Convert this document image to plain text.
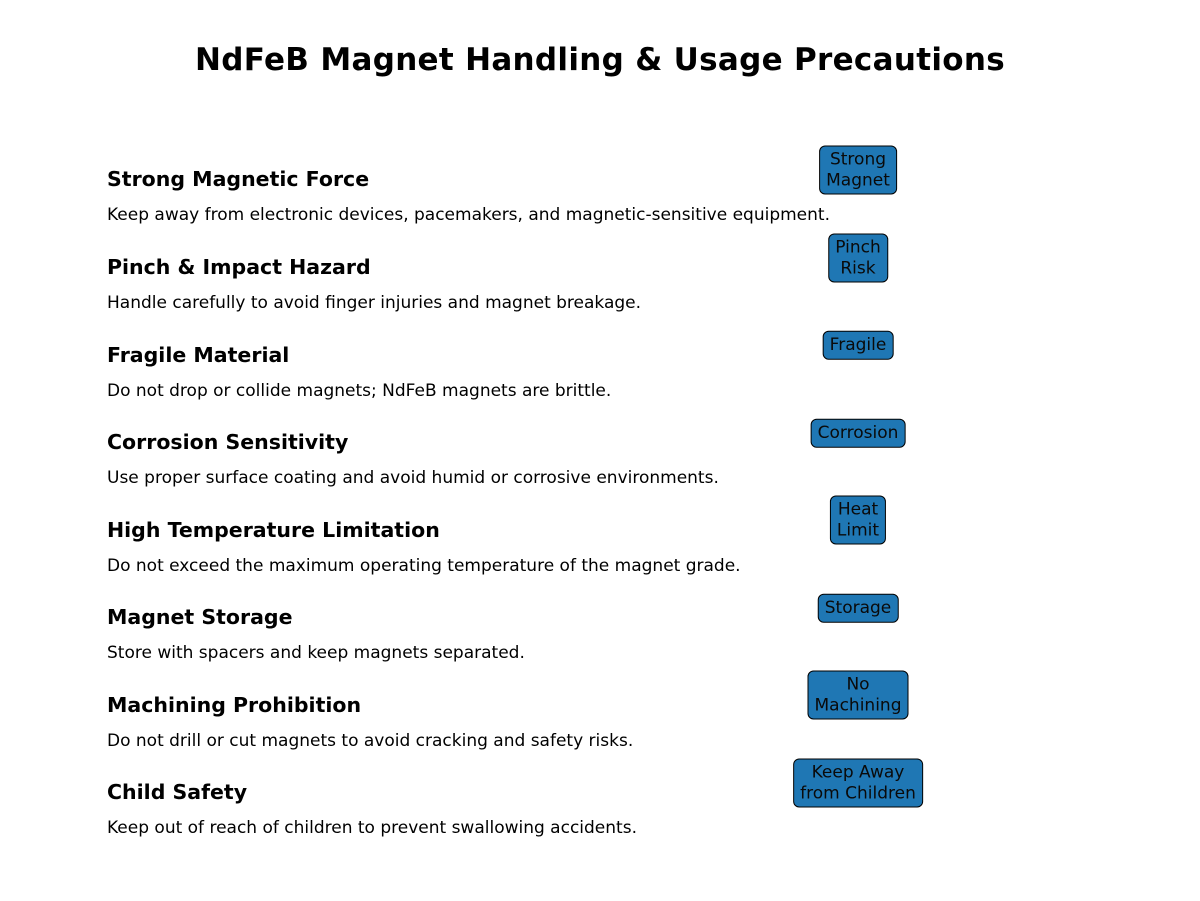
NdFeB Magnet Handling & Usage Precautions
Strong Magnetic Force
Keep away from electronic devices, pacemakers, and magnetic-sensitive equipment.
Strong
Magnet
Pinch & Impact Hazard
Handle carefully to avoid finger injuries and magnet breakage.
Pinch
Risk
Fragile Material
Do not drop or collide magnets; NdFeB magnets are brittle.
Fragile
Corrosion Sensitivity
Use proper surface coating and avoid humid or corrosive environments.
Corrosion
High Temperature Limitation
Do not exceed the maximum operating temperature of the magnet grade.
Heat
Limit
Magnet Storage
Store with spacers and keep magnets separated.
Storage
Machining Prohibition
Do not drill or cut magnets to avoid cracking and safety risks.
No
Machining
Child Safety
Keep out of reach of children to prevent swallowing accidents.
Keep Away
from Children
